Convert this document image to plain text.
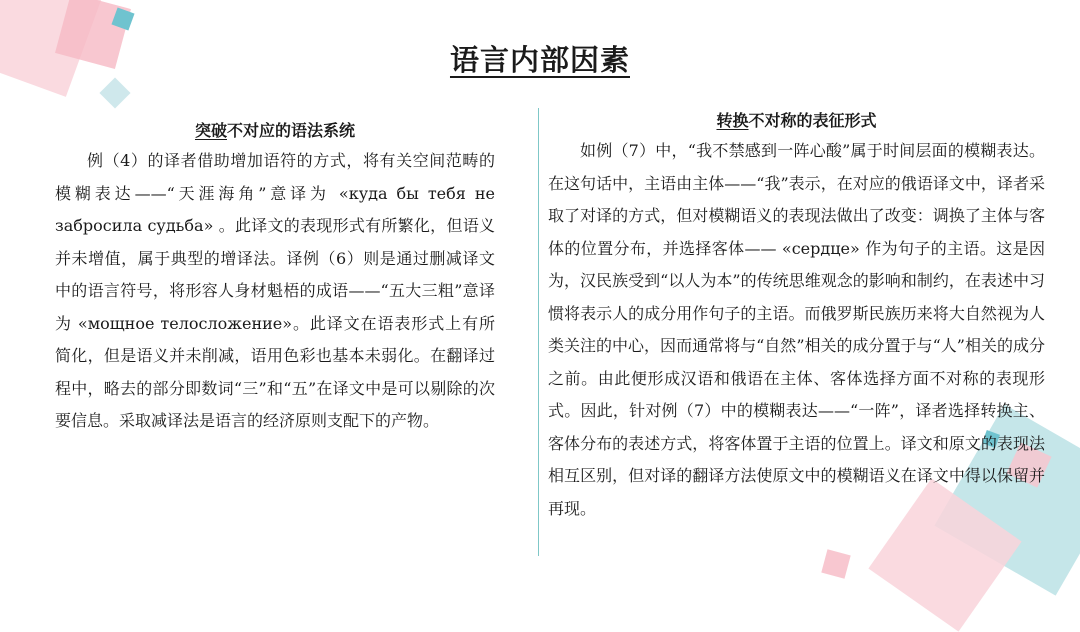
语言内部因素
突破不对应的语法系统

例（4）的译者借助增加语符的方式，将有关空间范畴的模糊表达——“天涯海角”意译为 «куда бы тебя не забросила судьба» 。此译文的表现形式有所繁化，但语义并未增值，属于典型的增译法。译例（6）则是通过删减译文中的语言符号，将形容人身材魁梧的成语——“五大三粗”意译为 «мощное телосложение»。此译文在语表形式上有所简化，但是语义并未削减，语用色彩也基本未弱化。在翻译过程中，略去的部分即数词“三”和“五”在译文中是可以剔除的次要信息。采取减译法是语言的经济原则支配下的产物。

转换不对称的表征形式

如例（7）中，“我不禁感到一阵心酸”属于时间层面的模糊表达。在这句话中，主语由主体——“我”表示，在对应的俄语译文中，译者采取了对译的方式，但对模糊语义的表现法做出了改变：调换了主体与客体的位置分布，并选择客体—— «сердце» 作为句子的主语。这是因为，汉民族受到“以人为本”的传统思维观念的影响和制约，在表述中习惯将表示人的成分用作句子的主语。而俄罗斯民族历来将大自然视为人类关注的中心，因而通常将与“自然”相关的成分置于与“人”相关的成分之前。由此便形成汉语和俄语在主体、客体选择方面不对称的表现形式。因此，针对例（7）中的模糊表达——“一阵”，译者选择转换主、客体分布的表述方式，将客体置于主语的位置上。译文和原文的表现法相互区别，但对译的翻译方法使原文中的模糊语义在译文中得以保留并再现。
